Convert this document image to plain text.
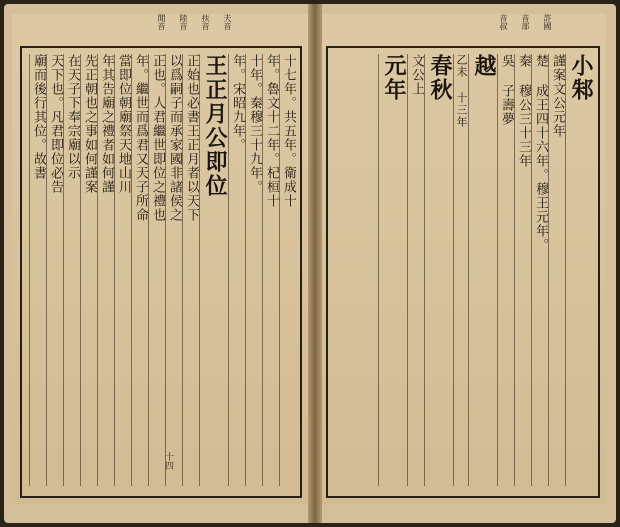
夫音
扶音
陸音
閒音
十七年。共五年。衛成十
年。魯文十二年。杞桓十
十年。秦穆三十九年。
年。宋昭九年。
王正月公即位
正始也必書王正月者以天下
以爲嗣子而承家國非諸侯之
正也。人君繼世即位之禮也
年。繼世而爲君又天子所命
當即位朝廟祭天地山川
年其告廟之禮者如何謹
先正朝也之事如何謹案
在天子下奉宗廟以示
天下也。凡君即位必告
廟而後行其位。故書
十四
許國
音部
音叔
小邾
謹案文公元年
楚 成王四十六年。穆王元年。
秦 穆公三十三年
吳 子壽夢
越
乙未 十三年
春秋
文公上
元年
